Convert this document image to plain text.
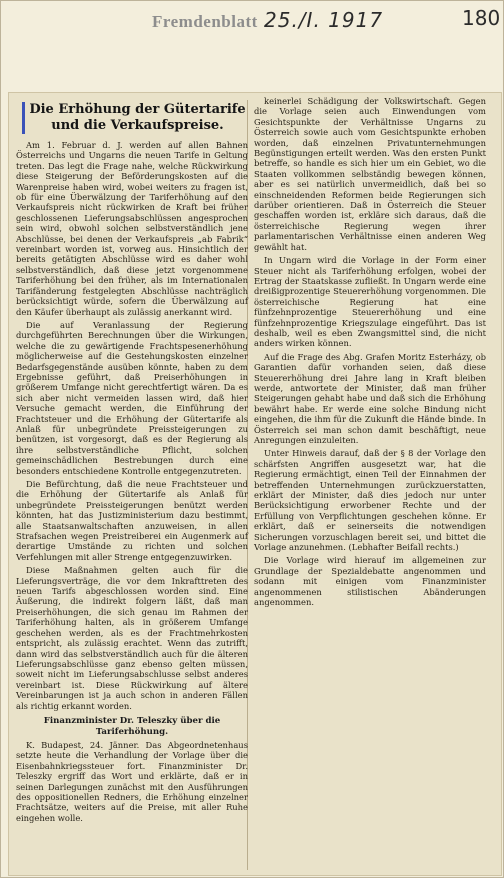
Fremdenblatt 25./I. 1917	180
Die Erhöhung der Gütertarife und die Verkaufspreise.

Am 1. Februar d. J. werden auf allen Bahnen Österreichs und Ungarns die neuen Tarife in Geltung treten. Das legt die Frage nahe, welche Rückwirkung diese Steigerung der Beförderungskosten auf die Warenpreise haben wird, wobei weiters zu fragen ist, ob für eine Überwälzung der Tariferhöhung auf den Verkaufspreis nicht rückwirken de Kraft bei früher geschlossenen Lieferungsabschlüssen angesprochen sein wird, obwohl solchen selbstverständlich jene Abschlüsse, bei denen der Verkaufspreis „ab Fabrik“ vereinbart worden ist, vorweg aus. Hinsichtlich der bereits getätigten Abschlüsse wird es daher wohl selbstverständlich, daß diese jetzt vorgenommene Tariferhöhung bei den früher, als im Internationalen Tarifänderung festgelegten Abschlüsse nachträglich berücksichtigt würde, sofern die Überwälzung auf den Käufer überhaupt als zulässig anerkannt wird.

Die auf Veranlassung der Regierung durchgeführten Berechnungen über die Wirkungen, welche die zu gewärtigende Frachtspesenerhöhung möglicherweise auf die Gestehungskosten einzelner Bedarfsgegenstände ausüben könnte, haben zu dem Ergebnisse geführt, daß Preiserhöhungen in größerem Umfange nicht gerechtfertigt wären. Da es sich aber nicht vermeiden lassen wird, daß hier Versuche gemacht werden, die Einführung der Frachtsteuer und die Erhöhung der Gütertarife als Anlaß für unbegründete Preissteigerungen zu benützen, ist vorgesorgt, daß es der Regierung als ihre selbstverständliche Pflicht, solchen gemeinschädlichen Bestrebungen durch eine besonders entschiedene Kontrolle entgegenzutreten.

Die Befürchtung, daß die neue Frachtsteuer und die Erhöhung der Gütertarife als Anlaß für unbegründete Preissteigerungen benützt werden könnten, hat das Justizministerium dazu bestimmt, alle Staatsanwaltschaften anzuweisen, in allen Strafsachen wegen Preistreiberei ein Augenmerk auf derartige Umstände zu richten und solchen Verfehlungen mit aller Strenge entgegenzuwirken.

Diese Maßnahmen gelten auch für die Lieferungsverträge, die vor dem Inkrafttreten des neuen Tarifs abgeschlossen worden sind. Eine Äußerung, die indirekt folgern läßt, daß man Preiserhöhungen, die sich genau im Rahmen der Tariferhöhung halten, als in größerem Umfange geschehen werden, als es der Frachtmehrkosten entspricht, als zulässig erachtet. Wenn das zutrifft, dann wird das selbstverständlich auch für die älteren Lieferungsabschlüsse ganz ebenso gelten müssen, soweit nicht im Lieferungsabschlusse selbst anderes vereinbart ist. Diese Rückwirkung auf ältere Vereinbarungen ist ja auch schon in anderen Fällen als richtig erkannt worden.

Finanzminister Dr. Teleszky über die Tariferhöhung.

K. Budapest, 24. Jänner. Das Abgeordnetenhaus setzte heute die Verhandlung der Vorlage über die Eisenbahnkriegssteuer fort. Finanzminister Dr. Teleszky ergriff das Wort und erklärte, daß er in seinen Darlegungen zunächst mit den Ausführungen des oppositionellen Redners, die Erhöhung einzelner Frachtsätze, weiters auf die Preise, mit aller Ruhe eingehen wolle.

keinerlei Schädigung der Volkswirtschaft. Gegen die Vorlage seien auch Einwendungen vom Gesichtspunkte der Verhältnisse Ungarns zu Österreich sowie auch vom Gesichtspunkte erhoben worden, daß einzelnen Privatunternehmungen Begünstigungen erteilt werden. Was den ersten Punkt betreffe, so handle es sich hier um ein Gebiet, wo die Staaten vollkommen selbständig bewegen können, aber es sei natürlich unvermeidlich, daß bei so einschneidenden Reformen beide Regierungen sich darüber orientieren. Daß in Österreich die Steuer geschaffen worden ist, erkläre sich daraus, daß die österreichische Regierung wegen ihrer parlamentarischen Verhältnisse einen anderen Weg gewählt hat.

In Ungarn wird die Vorlage in der Form einer Steuer nicht als Tariferhöhung erfolgen, wobei der Ertrag der Staatskasse zufließt. In Ungarn werde eine dreißigprozentige Steuererhöhung vorgenommen. Die österreichische Regierung hat eine fünfzehnprozentige Steuererhöhung und eine fünfzehnprozentige Kriegszulage eingeführt. Das ist deshalb, weil es eben Zwangsmittel sind, die nicht anders wirken können.

Auf die Frage des Abg. Grafen Moritz Esterházy, ob Garantien dafür vorhanden seien, daß diese Steuererhöhung drei Jahre lang in Kraft bleiben werde, antwortete der Minister, daß man früher Steigerungen gehabt habe und daß sich die Erhöhung bewährt habe. Er werde eine solche Bindung nicht eingehen, die ihm für die Zukunft die Hände binde. In Österreich sei man schon damit beschäftigt, neue Anregungen einzuleiten.

Unter Hinweis darauf, daß der § 8 der Vorlage den schärfsten Angriffen ausgesetzt war, hat die Regierung ermächtigt, einen Teil der Einnahmen der betreffenden Unternehmungen zurückzuerstatten, erklärt der Minister, daß dies jedoch nur unter Berücksichtigung erworbener Rechte und der Erfüllung von Verpflichtungen geschehen könne. Er erklärt, daß er seinerseits die notwendigen Sicherungen vorzuschlagen bereit sei, und bittet die Vorlage anzunehmen. (Lebhafter Beifall rechts.)

Die Vorlage wird hierauf im allgemeinen zur Grundlage der Spezialdebatte angenommen und sodann mit einigen vom Finanzminister angenommenen stilistischen Abänderungen angenommen.
